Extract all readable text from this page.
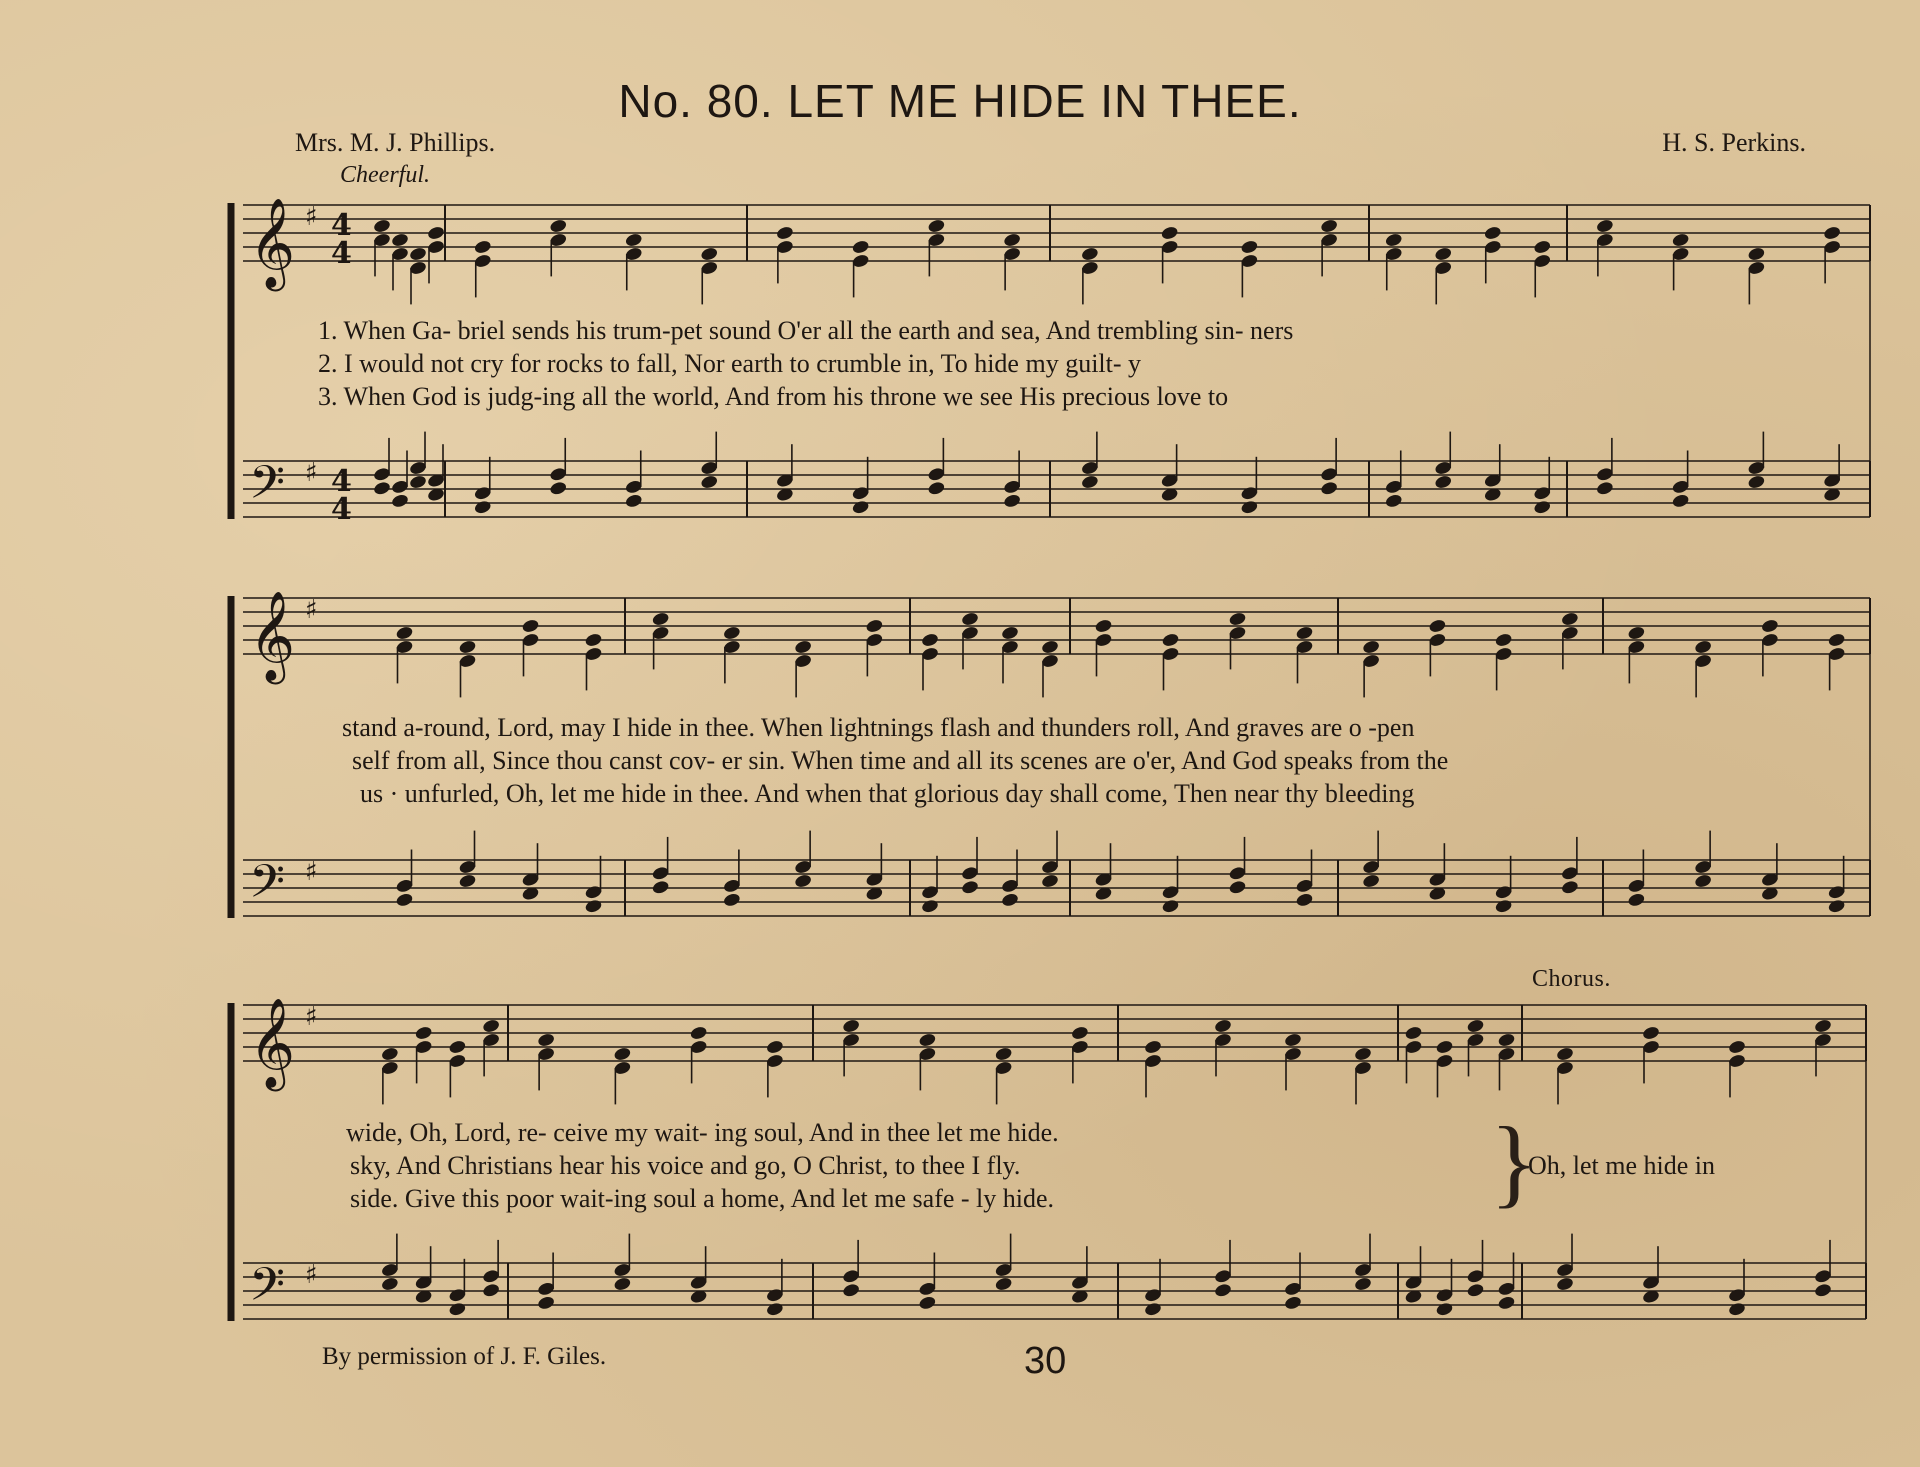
No. 80. LET ME HIDE IN THEE.
Mrs. M. J. Phillips.	H. S. Perkins.
Cheerful.
Chorus.
By permission of J. F. Giles.	30
1. When Ga- briel sends his trum-pet sound O'er all the earth and sea, And trembling sin- ners
2. I would not cry for rocks to fall, Nor earth to crumble in, To hide my guilt- y
3. When God is judg-ing all the world, And from his throne we see His precious love to
stand a-round, Lord, may I hide in thee. When lightnings flash and thunders roll, And graves are o -pen
self from all, Since thou canst cov- er sin. When time and all its scenes are o'er, And God speaks from the
us · unfurled, Oh, let me hide in thee. And when that glorious day shall come, Then near thy bleeding
wide, Oh, Lord, re- ceive my wait- ing soul, And in thee let me hide.
sky, And Christians hear his voice and go, O Christ, to thee I fly.
side. Give this poor wait-ing soul a home, And let me safe - ly hide.	}
Oh, let me hide in
𝄞 ♯ 4
4
𝄢 ♯ 4
4
𝄞 ♯
𝄢 ♯
𝄞 ♯
𝄢 ♯
